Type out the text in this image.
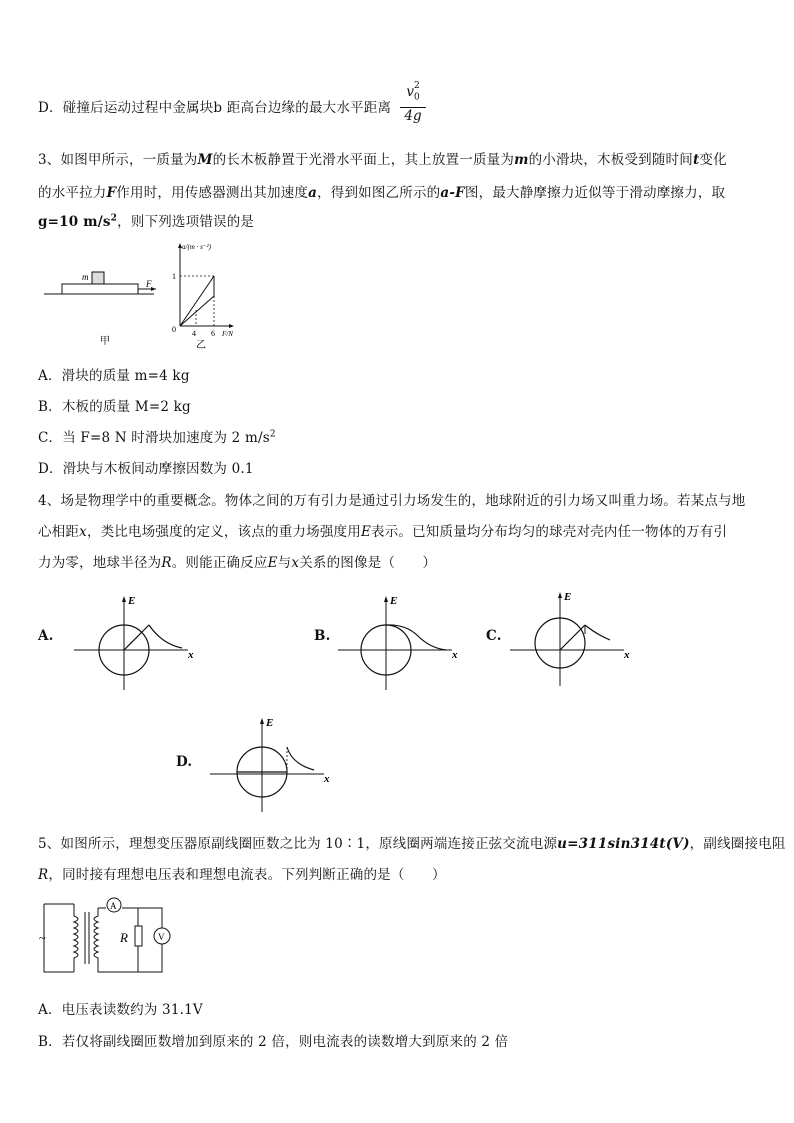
D．碰撞后运动过程中金属块b 距高台边缘的最大水平距离 $v_0$
2
4g
3、如图甲所示，一质量为M的长木板静置于光滑水平面上，其上放置一质量为m的小滑块，木板受到随时间t变化
的水平拉力F作用时，用传感器测出其加速度a，得到如图乙所示的a-F图，最大静摩擦力近似等于滑动摩擦力，取
g=10 $m/s^2$，则下列选项错误的是
m
F
甲
a/(m · s⁻²)
F/N
1
0 4 6
乙
A．滑块的质量 m=4 kg
B．木板的质量 M=2 kg
C．当 F=8 N 时滑块加速度为 2 $m/s^2$
D．滑块与木板间动摩擦因数为 0.1
4、场是物理学中的重要概念。物体之间的万有引力是通过引力场发生的，地球附近的引力场又叫重力场。若某点与地
心相距x，类比电场强度的定义，该点的重力场强度用E表示。已知质量均分布均匀的球壳对壳内任一物体的万有引
力为零，地球半径为R。则能正确反应E与x关系的图像是（　　）
A.
E
x
B.
E
x
C.
E
x
D.
E
x
5、如图所示，理想变压器原副线圈匝数之比为 10∶1，原线圈两端连接正弦交流电源u=311sin314t(V)，副线圈接电阻
R，同时接有理想电压表和理想电流表。下列判断正确的是（　　）
~
A
R	V
A．电压表读数约为 31.1V
B．若仅将副线圈匝数增加到原来的 2 倍，则电流表的读数增大到原来的 2 倍
